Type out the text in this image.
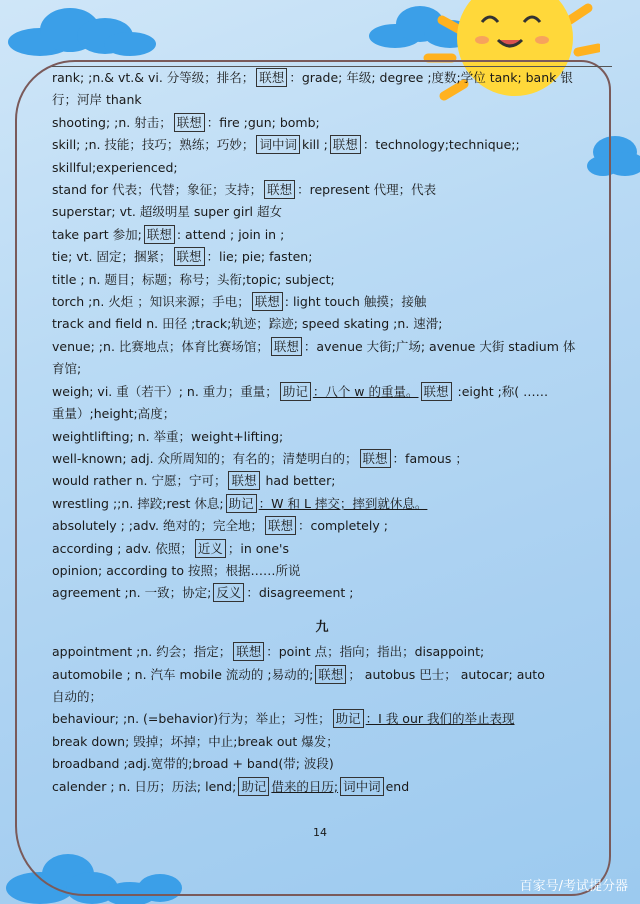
rank; ;n.& vt.& vi. 分等级；排名； 联想 ：grade; 年级; degree ;度数;学位 tank; bank 银
行；河岸 thank
shooting; ;n. 射击； 联想 ：fire ;gun; bomb;
skill; ;n. 技能；技巧；熟练；巧妙； 词中词 kill ; 联想 ：technology;technique;;
skillful;experienced;
stand for 代表；代替；象征；支持； 联想 ：represent 代理；代表
superstar; vt. 超级明星 super girl 超女
take part 参加; 联想 : attend ; join in ;
tie; vt. 固定；捆紧； 联想 ：lie; pie; fasten;
title ; n. 题目；标题；称号；头衔;topic; subject;
torch ;n. 火炬 ；知识来源；手电； 联想 : light touch 触摸；接触
track and field n. 田径 ;track;轨迹；踪迹; speed skating ;n. 速滑;
venue; ;n. 比赛地点；体育比赛场馆； 联想 ：avenue 大街;广场; avenue 大街 stadium 体
育馆;
weigh; vi. 重（若干）; n. 重力；重量； 助记 ：八个 w 的重量。 联想 :eight ;称( ……
重量）;height;高度；
weightlifting; n. 举重；weight+lifting;
well-known; adj. 众所周知的；有名的；清楚明白的； 联想 ：famous ；
would rather n. 宁愿；宁可； 联想 had better;
wrestling ;;n. 摔跤;rest 休息; 助记 ：W 和 L 摔交；摔到就休息。
absolutely ; ;adv. 绝对的；完全地； 联想 ：completely ;
according ; adv. 依照； 近义 ；in one's
opinion; according to 按照；根据……所说
agreement ;n. 一致；协定; 反义 ：disagreement ;
九
appointment ;n. 约会；指定； 联想 ：point 点；指向；指出；disappoint;
automobile ; n. 汽车 mobile 流动的 ;易动的; 联想 ； autobus 巴士； autocar; auto
自动的；
behaviour; ;n. (=behavior)行为；举止；习性； 助记 ：I 我 our 我们的举止表现
break down; 毁掉；坏掉；中止;break out 爆发；
broadband ;adj.宽带的;broad + band(带; 波段)
calender ; n. 日历；历法; lend; 助记 借来的日历; 词中词 end
14
百家号/考试提分器
